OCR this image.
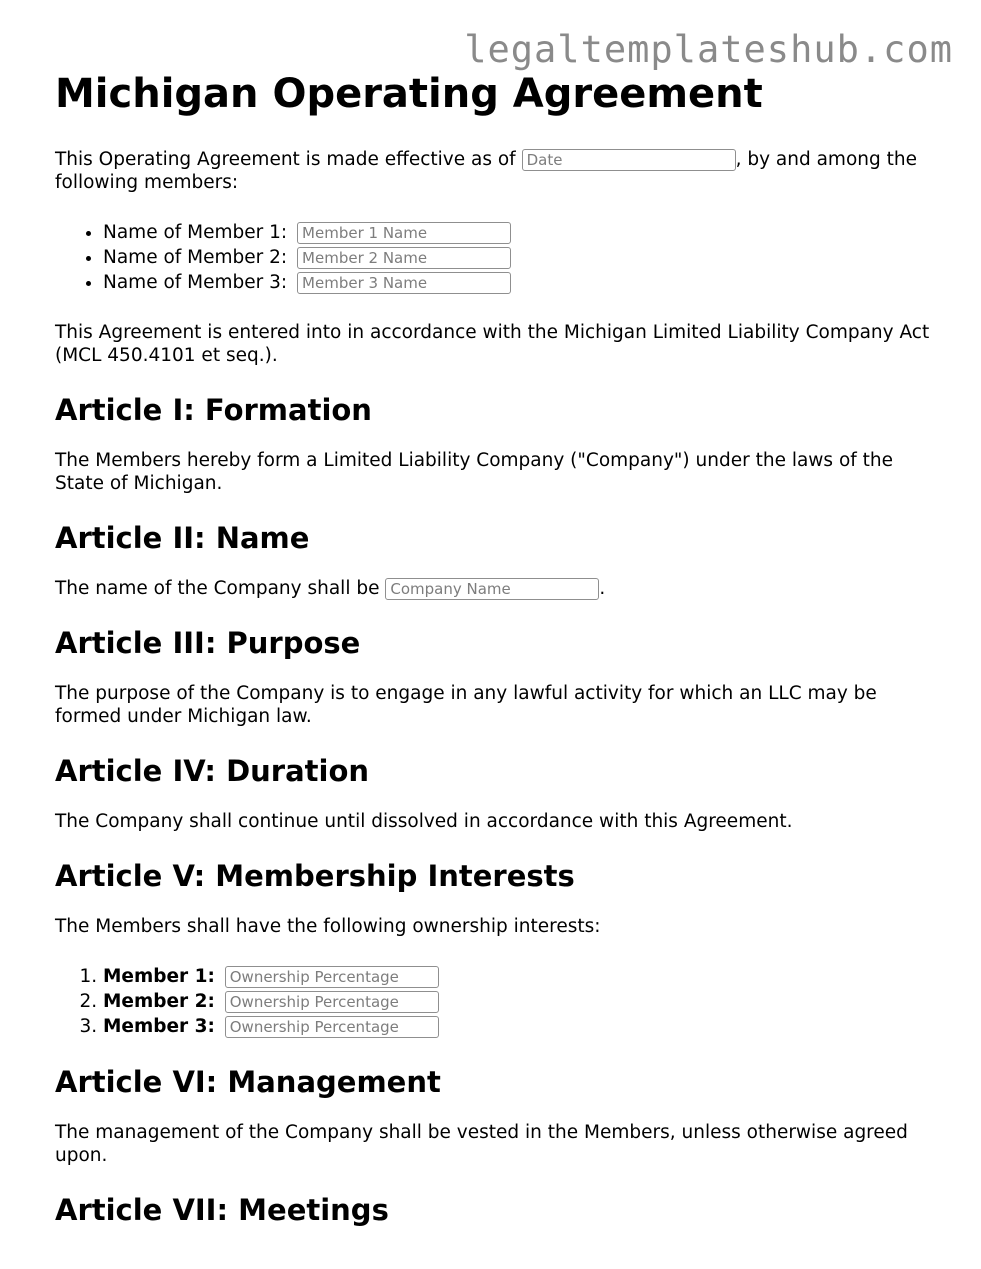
legaltemplateshub.com
Michigan Operating Agreement

This Operating Agreement is made effective as of Date	, by and among the following members:

• Name of Member 1: Member 1 Name
• Name of Member 2: Member 2 Name
• Name of Member 3: Member 3 Name

This Agreement is entered into in accordance with the Michigan Limited Liability Company Act (MCL 450.4101 et seq.).

Article I: Formation

The Members hereby form a Limited Liability Company ("Company") under the laws of the State of Michigan.

Article II: Name

The name of the Company shall be Company Name	.

Article III: Purpose

The purpose of the Company is to engage in any lawful activity for which an LLC may be formed under Michigan law.

Article IV: Duration

The Company shall continue until dissolved in accordance with this Agreement.

Article V: Membership Interests

The Members shall have the following ownership interests:

1. Member 1: Ownership Percentage
2. Member 2: Ownership Percentage
3. Member 3: Ownership Percentage
Article VI: Management

The management of the Company shall be vested in the Members, unless otherwise agreed upon.

Article VII: Meetings
